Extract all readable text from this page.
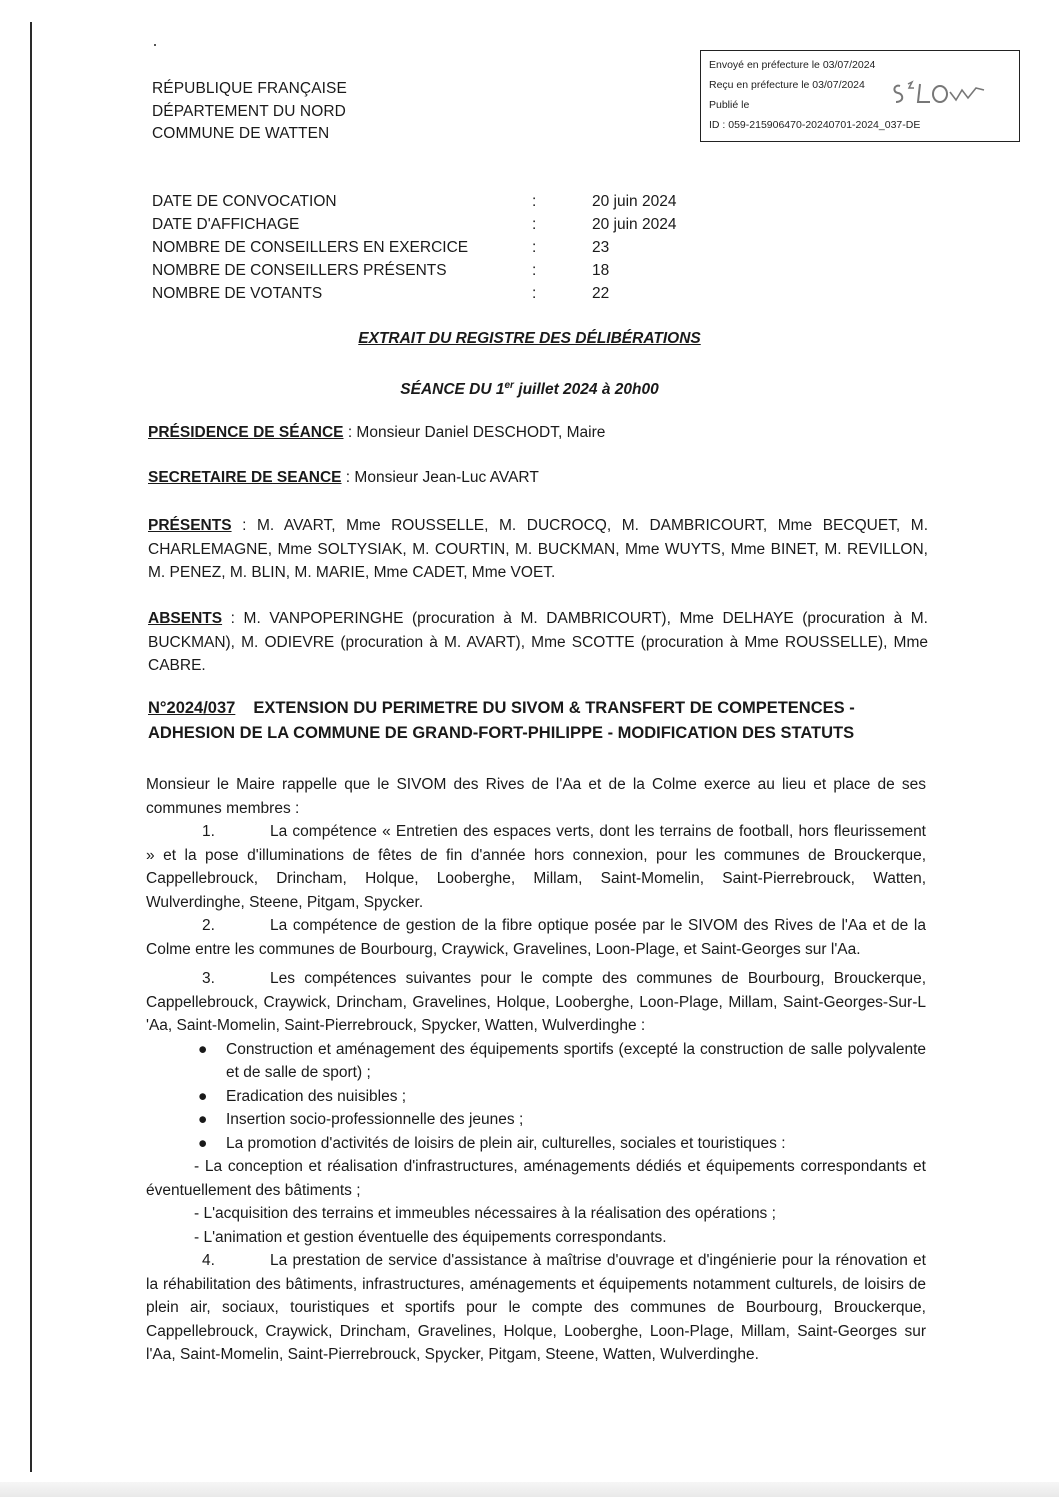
RÉPUBLIQUE FRANÇAISE
DÉPARTEMENT DU NORD
COMMUNE DE WATTEN
Envoyé en préfecture le 03/07/2024
Reçu en préfecture le 03/07/2024
Publié le
ID : 059-215906470-20240701-2024_037-DE
DATE DE CONVOCATION	:	20 juin 2024
DATE D'AFFICHAGE	:	20 juin 2024
NOMBRE DE CONSEILLERS EN EXERCICE	:	23
NOMBRE DE CONSEILLERS PRÉSENTS	:	18
NOMBRE DE VOTANTS	:	22
EXTRAIT DU REGISTRE DES DÉLIBÉRATIONS
SÉANCE DU 1er juillet 2024 à 20h00
PRÉSIDENCE DE SÉANCE : Monsieur Daniel DESCHODT, Maire
SECRETAIRE DE SEANCE : Monsieur Jean-Luc AVART
PRÉSENTS : M. AVART, Mme ROUSSELLE, M. DUCROCQ, M. DAMBRICOURT, Mme BECQUET, M. CHARLEMAGNE, Mme SOLTYSIAK, M. COURTIN, M. BUCKMAN, Mme WUYTS, Mme BINET, M. REVILLON, M. PENEZ, M. BLIN, M. MARIE, Mme CADET, Mme VOET.
ABSENTS : M. VANPOPERINGHE (procuration à M. DAMBRICOURT), Mme DELHAYE (procuration à M. BUCKMAN), M. ODIEVRE (procuration à M. AVART), Mme SCOTTE (procuration à Mme ROUSSELLE), Mme CABRE.
N°2024/037 EXTENSION DU PERIMETRE DU SIVOM & TRANSFERT DE COMPETENCES -
ADHESION DE LA COMMUNE DE GRAND-FORT-PHILIPPE - MODIFICATION DES STATUTS

Monsieur le Maire rappelle que le SIVOM des Rives de l'Aa et de la Colme exerce au lieu et place de ses communes membres :

1.	La compétence « Entretien des espaces verts, dont les terrains de football, hors fleurissement » et la pose d'illuminations de fêtes de fin d'année hors connexion, pour les communes de Brouckerque, Cappellebrouck, Drincham, Holque, Looberghe, Millam, Saint-Momelin, Saint-Pierrebrouck, Watten, Wulverdinghe, Steene, Pitgam, Spycker.

2.	La compétence de gestion de la fibre optique posée par le SIVOM des Rives de l'Aa et de la Colme entre les communes de Bourbourg, Craywick, Gravelines, Loon-Plage, et Saint-Georges sur l'Aa.

3.	Les compétences suivantes pour le compte des communes de Bourbourg, Brouckerque, Cappellebrouck, Craywick, Drincham, Gravelines, Holque, Looberghe, Loon-Plage, Millam, Saint-Georges-Sur-L 'Aa, Saint-Momelin, Saint-Pierrebrouck, Spycker, Watten, Wulverdinghe :

● Construction et aménagement des équipements sportifs (excepté la construction de salle polyvalente et de salle de sport) ;

● Eradication des nuisibles ;

● Insertion socio-professionnelle des jeunes ;

● La promotion d'activités de loisirs de plein air, culturelles, sociales et touristiques :

- La conception et réalisation d'infrastructures, aménagements dédiés et équipements correspondants et éventuellement des bâtiments ;

- L'acquisition des terrains et immeubles nécessaires à la réalisation des opérations ;

- L'animation et gestion éventuelle des équipements correspondants.

4.	La prestation de service d'assistance à maîtrise d'ouvrage et d'ingénierie pour la rénovation et la réhabilitation des bâtiments, infrastructures, aménagements et équipements notamment culturels, de loisirs de plein air, sociaux, touristiques et sportifs pour le compte des communes de Bourbourg, Brouckerque, Cappellebrouck, Craywick, Drincham, Gravelines, Holque, Looberghe, Loon-Plage, Millam, Saint-Georges sur l'Aa, Saint-Momelin, Saint-Pierrebrouck, Spycker, Pitgam, Steene, Watten, Wulverdinghe.
